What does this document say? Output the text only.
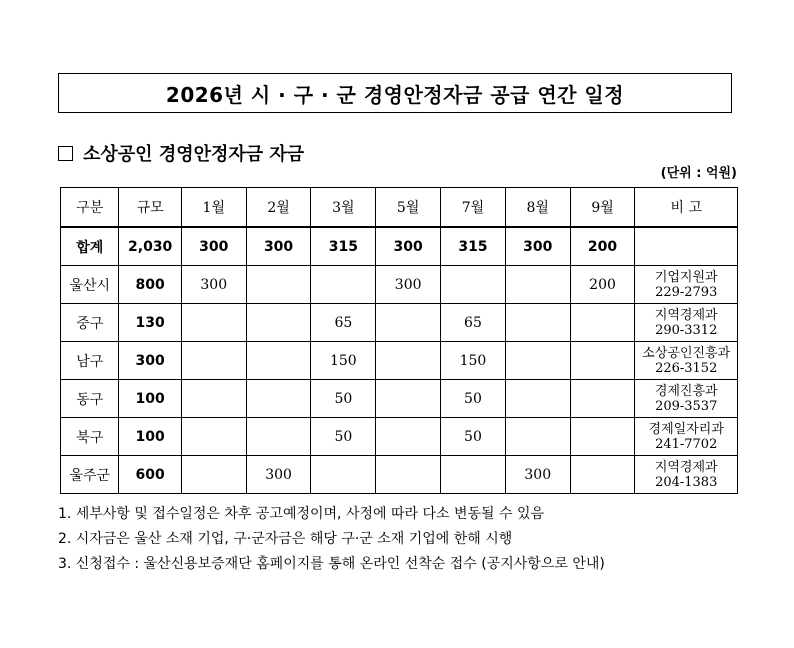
2026년 시 · 구 · 군 경영안정자금 공급 연간 일정
소상공인 경영안정자금 자금
(단위 : 억원)
구분	규모	1월	2월	3월	5월	7월	8월	9월	비 고
합계	2,030	300	300	315	300	315	300	200	
울산시	800	300			300			200	기업지원과
229-2793

중구	130			65		65			지역경제과
290-3312

남구	300			150		150			소상공인진흥과
226-3152

동구	100			50		50			경제진흥과
209-3537

북구	100			50		50			경제일자리과
241-7702

울주군	600		300				300		지역경제과
204-1383
1. 세부사항 및 접수일정은 차후 공고예정이며, 사정에 따라 다소 변동될 수 있음
2. 시자금은 울산 소재 기업, 구·군자금은 해당 구·군 소재 기업에 한해 시행
3. 신청접수 : 울산신용보증재단 홈페이지를 통해 온라인 선착순 접수 (공지사항으로 안내)
